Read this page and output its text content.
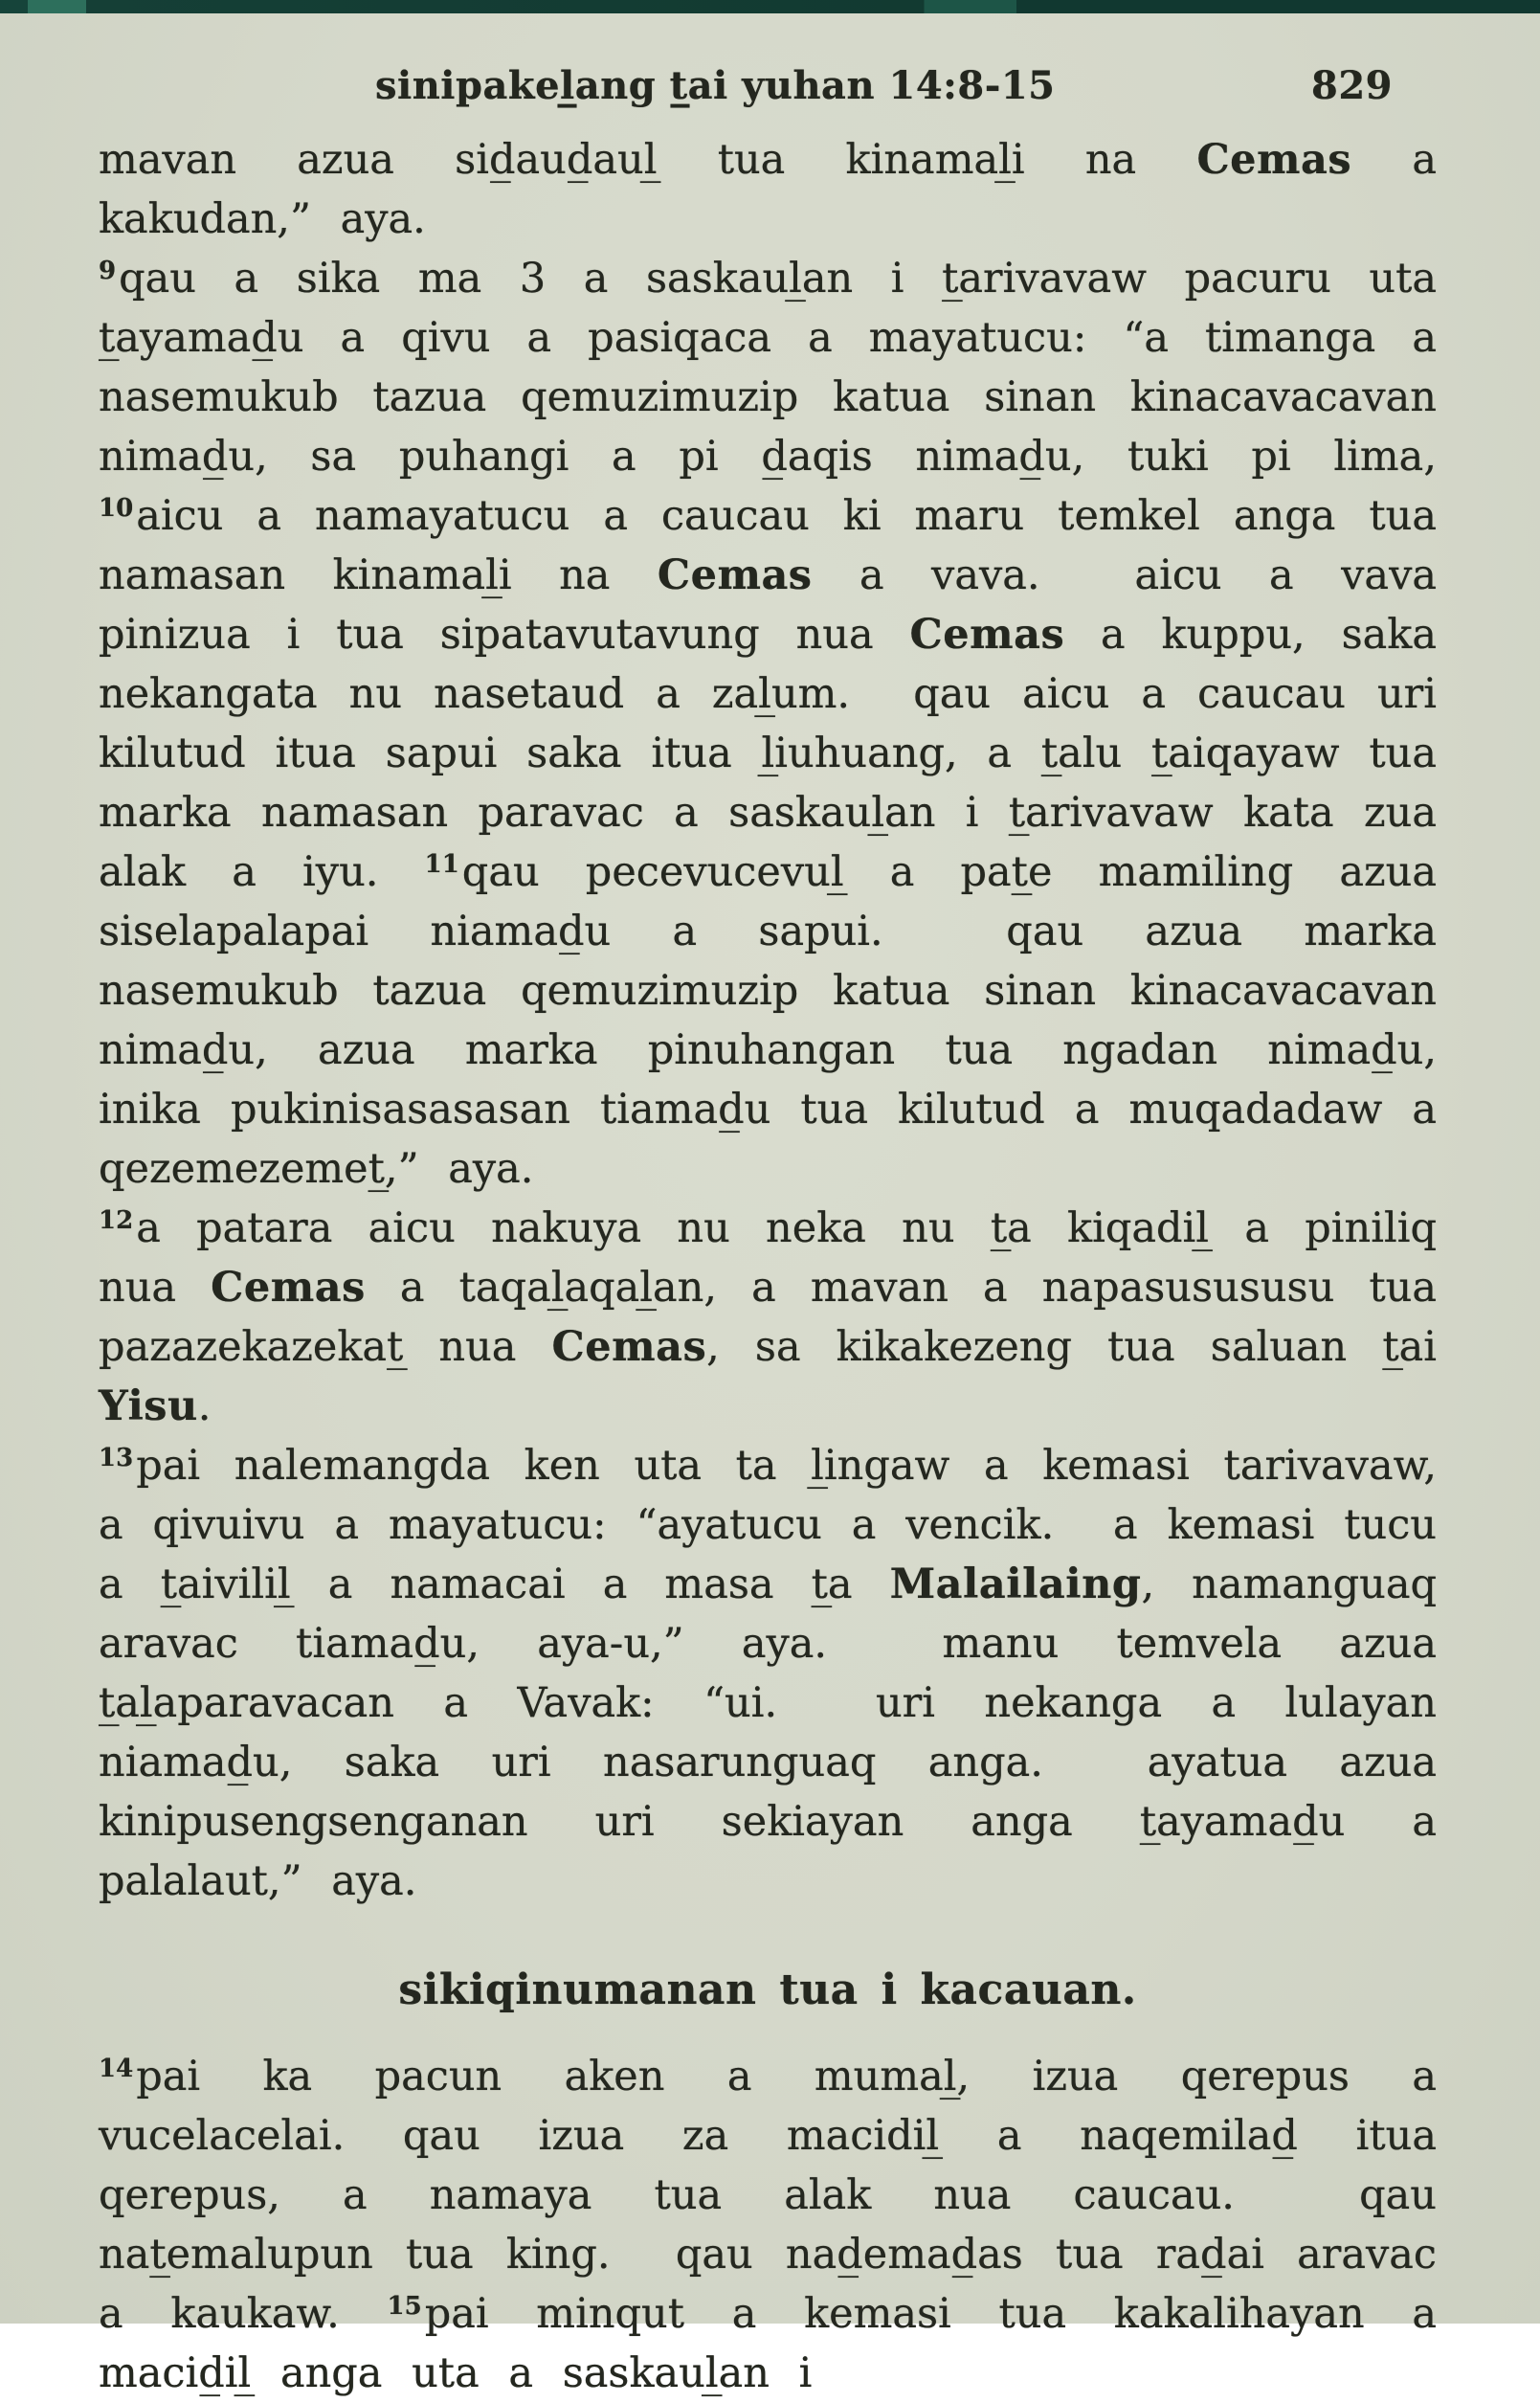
sinipakel̲ang t̲ai yuhan 14:8-15	829

mavan azua sid̲aud̲aul̲ tua kinamal̲i na Cemas a kakudan,” aya.

$^9$qau a sika ma 3 a saskaul̲an i t̲arivavaw pacuru uta t̲ayamad̲u a qivu a pasiqaca a mayatucu: “a timanga a nasemukub tazua qemuzimuzip katua sinan kinacavacavan nimad̲u, sa puhangi a pi d̲aqis nimad̲u, tuki pi lima, $^{10}$aicu a namayatucu a caucau ki maru temkel anga tua namasan kinamal̲i na Cemas a vava.  aicu a vava pinizua i tua sipatavutavung nua Cemas a kuppu, saka nekangata nu nasetaud a zal̲um.  qau aicu a caucau uri kilutud itua sapui saka itua l̲iuhuang, a t̲alu t̲aiqayaw tua marka namasan paravac a saskaul̲an i t̲arivavaw kata zua alak a iyu. $^{11}$qau pecevucevul̲ a pat̲e mamiling azua siselapalapai niamad̲u a sapui.  qau azua marka nasemukub tazua qemuzimuzip katua sinan kinacavacavan nimad̲u, azua marka pinuhangan tua ngadan nimad̲u, inika pukinisasasasan tiamad̲u tua kilutud a muqadadaw a qezemezemet̲,” aya.

$^{12}$a patara aicu nakuya nu neka nu t̲a kiqadil̲ a piniliq nua Cemas a taqal̲aqal̲an, a mavan a napasusususu tua pazazekazekat̲ nua Cemas, sa kikakezeng tua saluan t̲ai Yisu.

$^{13}$pai nalemangda ken uta ta l̲ingaw a kemasi tarivavaw, a qivuivu a mayatucu: “ayatucu a vencik.  a kemasi tucu a t̲aivilil̲ a namacai a masa t̲a Malailaing, namanguaq aravac tiamad̲u, aya-u,” aya.  manu temvela azua t̲al̲aparavacan a Vavak: “ui.  uri nekanga a lulayan niamad̲u, saka uri nasarunguaq anga.  ayatua azua kinipusengsenganan uri sekiayan anga t̲ayamad̲u a palalaut,” aya.

sikiqinumanan tua i kacauan.

$^{14}$pai ka pacun aken a mumal̲, izua qerepus a vucelacelai. qau izua za macidil̲ a naqemilad̲ itua qerepus, a namaya tua alak nua caucau.  qau nat̲emalupun tua king.  qau nad̲emad̲as tua rad̲ai aravac a kaukaw. $^{15}$pai minqut a kemasi tua kakalihayan a macid̲il̲ anga uta a saskaul̲an i
